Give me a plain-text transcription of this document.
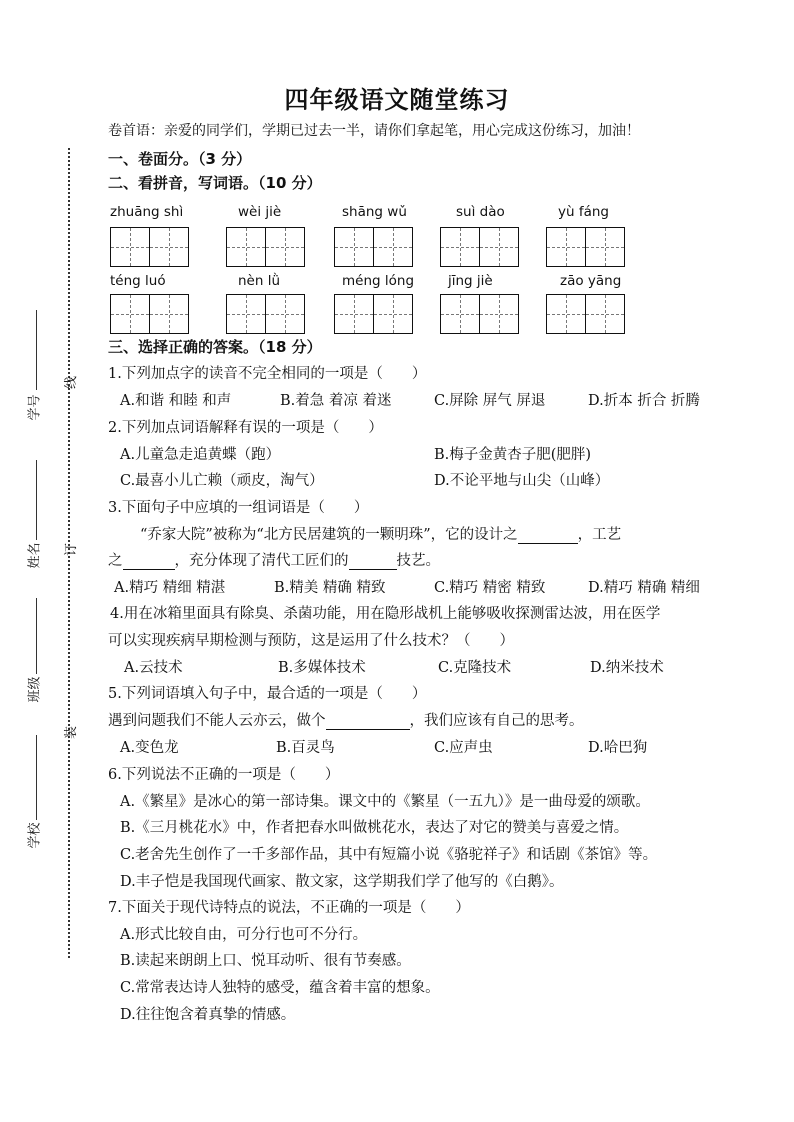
线
订
装
学号
姓名
班级
学校
四年级语文随堂练习
卷首语：亲爱的同学们，学期已过去一半，请你们拿起笔，用心完成这份练习，加油！
一、卷面分。（3 分）
二、看拼音，写词语。（10 分）
zhuāng shì	wèi jiè	shāng wǔ	suì dào	yù fáng
téng luó	nèn lǜ	méng lóng	jīng jiè	zāo yāng
三、选择正确的答案。（18 分）
1.下列加点字的读音不完全相同的一项是（　　）
A.和谐 和睦 和声	B.着急 着凉 着迷	C.屏除 屏气 屏退	D.折本 折合 折腾
2.下列加点词语解释有误的一项是（　　）
A.儿童急走追黄蝶（跑）	B.梅子金黄杏子肥(肥胖)
C.最喜小儿亡赖（顽皮，淘气）	D.不论平地与山尖（山峰）
3.下面句子中应填的一组词语是（　　）
“乔家大院”被称为“北方民居建筑的一颗明珠”，它的设计之	，工艺
之	，充分体现了清代工匠们的	技艺。
A.精巧 精细 精湛	B.精美 精确 精致	C.精巧 精密 精致	D.精巧 精确 精细
4.用在冰箱里面具有除臭、杀菌功能，用在隐形战机上能够吸收探测雷达波，用在医学
可以实现疾病早期检测与预防，这是运用了什么技术？（　　）
A.云技术	B.多媒体技术	C.克隆技术	D.纳米技术
5.下列词语填入句子中，最合适的一项是（　　）
遇到问题我们不能人云亦云，做个	，我们应该有自己的思考。
A.变色龙	B.百灵鸟	C.应声虫	D.哈巴狗
6.下列说法不正确的一项是（　　）
A.《繁星》是冰心的第一部诗集。课文中的《繁星（一五九）》是一曲母爱的颂歌。
B.《三月桃花水》中，作者把春水叫做桃花水，表达了对它的赞美与喜爱之情。
C.老舍先生创作了一千多部作品，其中有短篇小说《骆驼祥子》和话剧《茶馆》等。
D.丰子恺是我国现代画家、散文家，这学期我们学了他写的《白鹅》。
7.下面关于现代诗特点的说法，不正确的一项是（　　）
A.形式比较自由，可分行也可不分行。
B.读起来朗朗上口、悦耳动听、很有节奏感。
C.常常表达诗人独特的感受，蕴含着丰富的想象。
D.往往饱含着真挚的情感。
